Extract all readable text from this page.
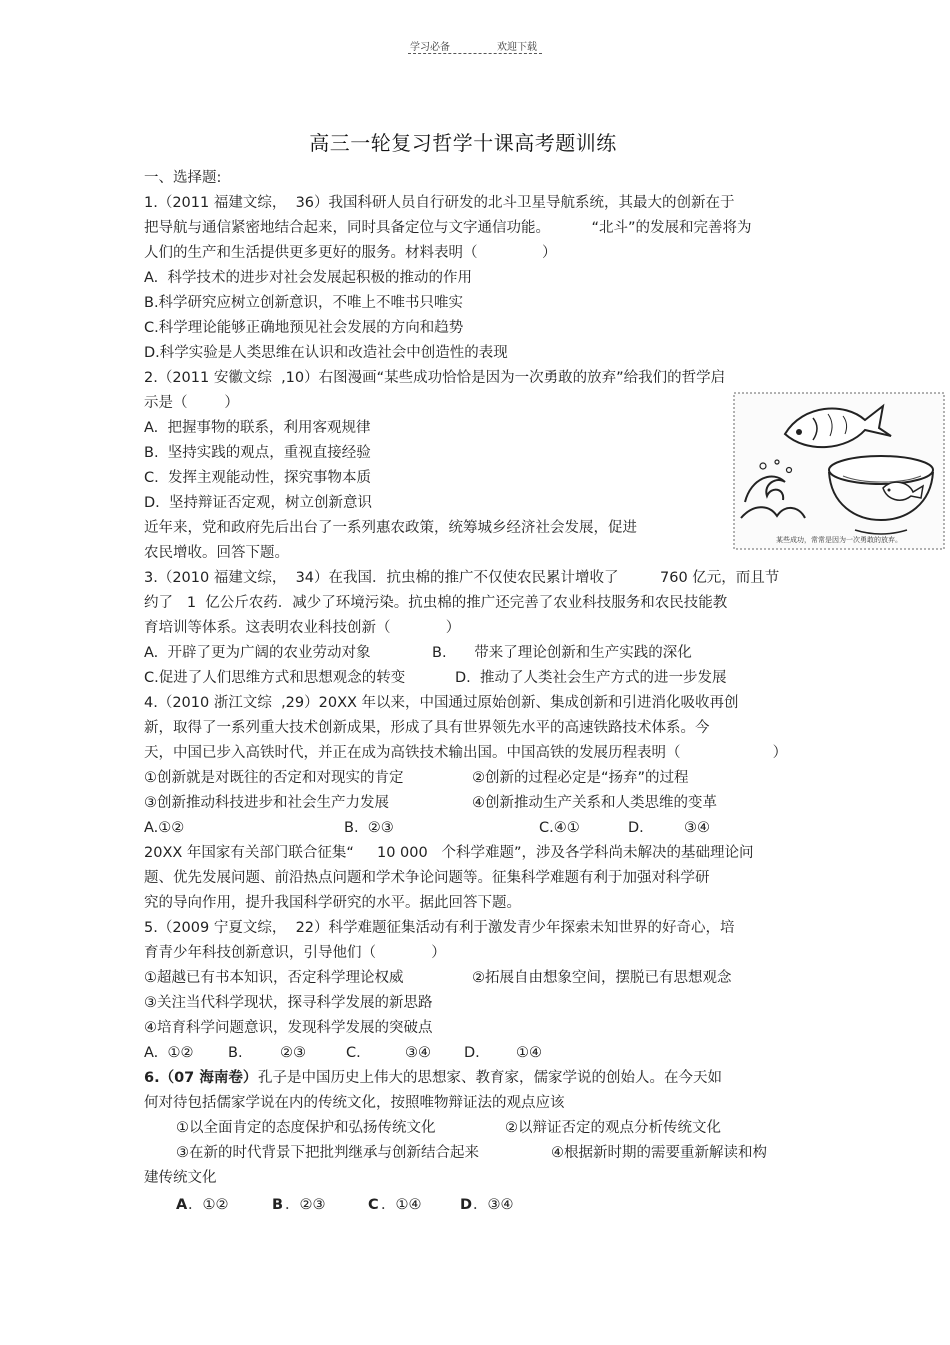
学习必备	欢迎下载
高三一轮复习哲学十课高考题训练
一、选择题:
1.（2011 福建文综，  36）我国科研人员自行研发的北斗卫星导航系统，其最大的创新在于
把导航与通信紧密地结合起来，同时具备定位与文字通信功能。         “北斗”的发展和完善将为
人们的生产和生活提供更多更好的服务。材料表明（              ）
A.  科学技术的进步对社会发展起积极的推动的作用
B.科学研究应树立创新意识，不唯上不唯书只唯实
C.科学理论能够正确地预见社会发展的方向和趋势
D.科学实验是人类思维在认识和改造社会中创造性的表现
2.（2011 安徽文综  ,10）右图漫画“某些成功恰恰是因为一次勇敢的放弃”给我们的哲学启
示是（        ）
A.  把握事物的联系，利用客观规律
B.  坚持实践的观点，重视直接经验
C.  发挥主观能动性，探究事物本质
D.  坚持辩证否定观，树立创新意识
某些成功，常常是因为一次勇敢的放弃。
近年来，党和政府先后出台了一系列惠农政策，统筹城乡经济社会发展，促进
农民增收。回答下题。
3.（2010 福建文综，  34）在我国．抗虫棉的推广不仅使农民累计增收了         760 亿元，而且节
约了   1  亿公斤农药．减少了环境污染。抗虫棉的推广还完善了农业科技服务和农民技能教
育培训等体系。这表明农业科技创新（            ）
A.  开辟了更为广阔的农业劳动对象	B.      带来了理论创新和生产实践的深化
C.促进了人们思维方式和思想观念的转变	D.  推动了人类社会生产方式的进一步发展
4.（2010 浙江文综  ,29）20XX 年以来，中国通过原始创新、集成创新和引进消化吸收再创
新，取得了一系列重大技术创新成果，形成了具有世界领先水平的高速铁路技术体系。今
天，中国已步入高铁时代，并正在成为高铁技术输出国。中国高铁的发展历程表明（                    ）
①创新就是对既往的否定和对现实的肯定	②创新的过程必定是“扬弃”的过程
③创新推动科技进步和社会生产力发展	④创新推动生产关系和人类思维的变革
A.①②	B.  ②③	C.④①	D.	③④
20XX 年国家有关部门联合征集“     10 000   个科学难题”，涉及各学科尚未解决的基础理论问
题、优先发展问题、前沿热点问题和学术争论问题等。征集科学难题有利于加强对科学研
究的导向作用，提升我国科学研究的水平。据此回答下题。
5.（2009 宁夏文综，  22）科学难题征集活动有利于激发青少年探索未知世界的好奇心，培
育青少年科技创新意识，引导他们（            ）
①超越已有书本知识，否定科学理论权威	②拓展自由想象空间，摆脱已有思想观念
③关注当代科学现状，探寻科学发展的新思路
④培育科学问题意识，发现科学发展的突破点
A.  ①② B.	②③	C.	③④ D. ①④
6.（07 海南卷） 孔子是中国历史上伟大的思想家、教育家，儒家学说的创始人。在今天如
何对待包括儒家学说在内的传统文化，按照唯物辩证法的观点应该
①以全面肯定的态度保护和弘扬传统文化	②以辩证否定的观点分析传统文化
③在新的时代背景下把批判继承与创新结合起来	④根据新时期的需要重新解读和构
建传统文化
A ．①②	B ．②③	C ．①④	D ．③④
